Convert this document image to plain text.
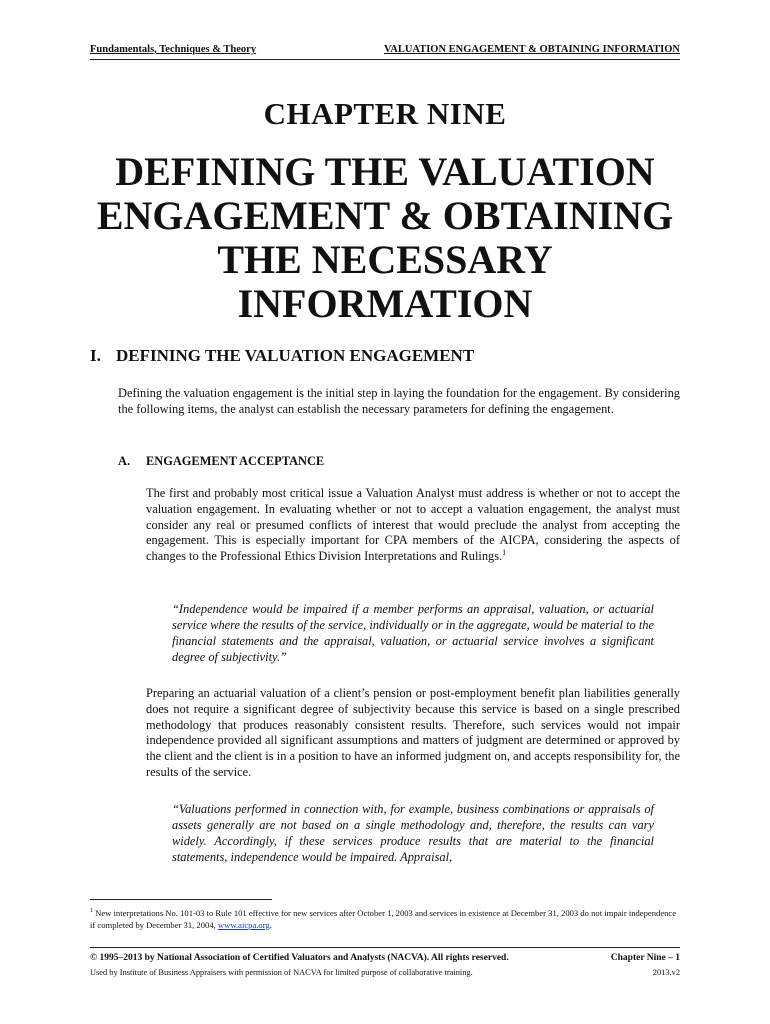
Fundamentals, Techniques & Theory	VALUATION ENGAGEMENT & OBTAINING INFORMATION
CHAPTER NINE
DEFINING THE VALUATION
ENGAGEMENT & OBTAINING
THE NECESSARY
INFORMATION
I. DEFINING THE VALUATION ENGAGEMENT
Defining the valuation engagement is the initial step in laying the foundation for the engagement. By considering the following items, the analyst can establish the necessary parameters for defining the engagement.
A. ENGAGEMENT ACCEPTANCE
The first and probably most critical issue a Valuation Analyst must address is whether or not to accept the valuation engagement. In evaluating whether or not to accept a valuation engagement, the analyst must consider any real or presumed conflicts of interest that would preclude the analyst from accepting the engagement. This is especially important for CPA members of the AICPA, considering the aspects of changes to the Professional Ethics Division Interpretations and Rulings.$^1$
“Independence would be impaired if a member performs an appraisal, valuation, or actuarial service where the results of the service, individually or in the aggregate, would be material to the financial statements and the appraisal, valuation, or actuarial service involves a significant degree of subjectivity.”
Preparing an actuarial valuation of a client’s pension or post-employment benefit plan liabilities generally does not require a significant degree of subjectivity because this service is based on a single prescribed methodology that produces reasonably consistent results. Therefore, such services would not impair independence provided all significant assumptions and matters of judgment are determined or approved by the client and the client is in a position to have an informed judgment on, and accepts responsibility for, the results of the service.
“Valuations performed in connection with, for example, business combinations or appraisals of assets generally are not based on a single methodology and, therefore, the results can vary widely. Accordingly, if these services produce results that are material to the financial statements, independence would be impaired. Appraisal,
$^1$ New interpretations No. 101-03 to Rule 101 effective for new services after October 1, 2003 and services in existence at December 31, 2003 do not impair independence if completed by December 31, 2004, www.aicpa.org.
© 1995–2013 by National Association of Certified Valuators and Analysts (NACVA). All rights reserved.	Chapter Nine – 1
Used by Institute of Business Appraisers with permission of NACVA for limited purpose of collaborative training.	2013.v2
